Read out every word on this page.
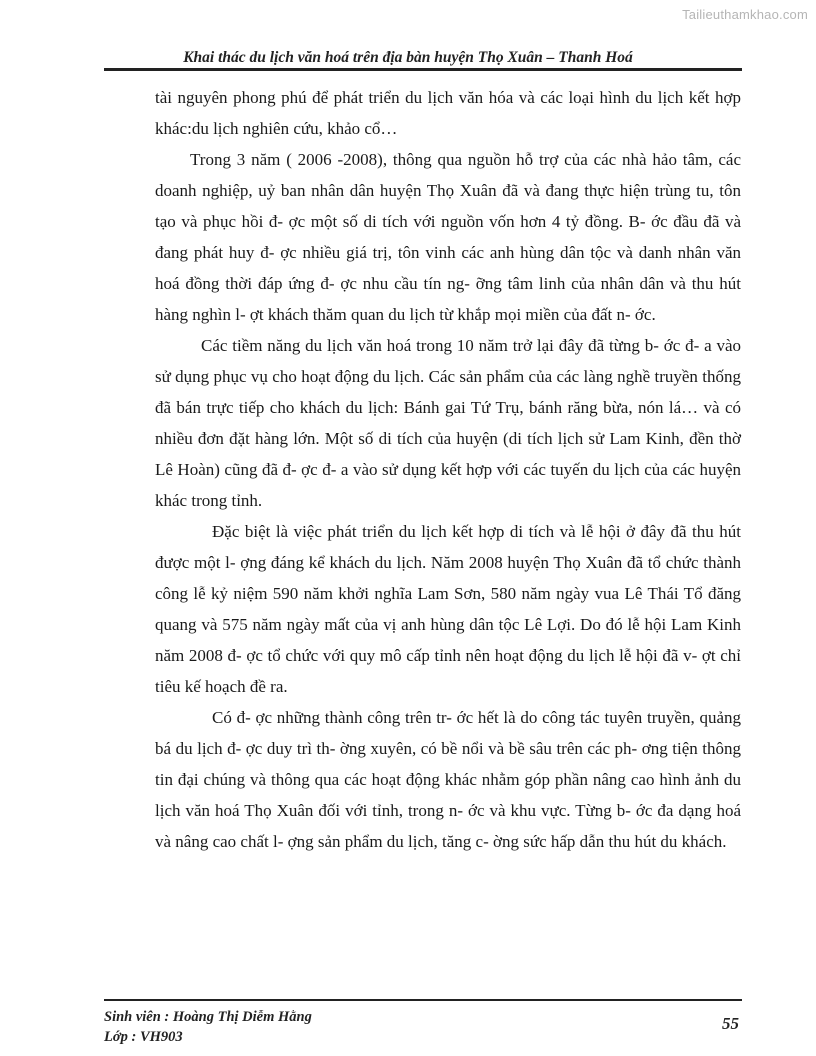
Tailieuthamkhao.com
Khai thác du lịch văn hoá trên địa bàn huyện Thọ Xuân – Thanh Hoá

tài nguyên phong phú để phát triển du lịch văn hóa và các loại hình du lịch kết hợp khác:du lịch nghiên cứu, khảo cổ…

Trong 3 năm ( 2006 -2008), thông qua nguồn hỗ trợ của các nhà hảo tâm, các doanh nghiệp, uỷ ban nhân dân huyện Thọ Xuân đã và đang thực hiện trùng tu, tôn tạo và phục hồi đ- ợc một số di tích với nguồn vốn hơn 4 tỷ đồng. B- ớc đầu đã và đang phát huy đ- ợc nhiều giá trị, tôn vinh các anh hùng dân tộc và danh nhân văn hoá đồng thời đáp ứng đ- ợc nhu cầu tín ng- ỡng tâm linh của nhân dân và thu hút hàng nghìn l- ợt khách thăm quan du lịch từ khắp mọi miền của đất n- ớc.

Các tiềm năng du lịch văn hoá trong 10 năm trở lại đây đã từng b- ớc đ- a vào sử dụng phục vụ cho hoạt động du lịch. Các sản phẩm của các làng nghề truyền thống đã bán trực tiếp cho khách du lịch: Bánh gai Tứ Trụ, bánh răng bừa, nón lá… và có nhiều đơn đặt hàng lớn. Một số di tích của huyện (di tích lịch sử Lam Kinh, đền thờ Lê Hoàn) cũng đã đ- ợc đ- a vào sử dụng kết hợp với các tuyến du lịch của các huyện khác trong tỉnh.

Đặc biệt là việc phát triển du lịch kết hợp di tích và lễ hội ở đây đã thu hút được một l- ợng đáng kể khách du lịch. Năm 2008 huyện Thọ Xuân đã tổ chức thành công lễ kỷ niệm 590 năm khởi nghĩa Lam Sơn, 580 năm ngày vua Lê Thái Tổ đăng quang và 575 năm ngày mất của vị anh hùng dân tộc Lê Lợi. Do đó lễ hội Lam Kinh năm 2008 đ- ợc tổ chức với quy mô cấp tỉnh nên hoạt động du lịch lễ hội đã v- ợt chỉ tiêu kế hoạch đề ra.

Có đ- ợc những thành công trên tr- ớc hết là do công tác tuyên truyền, quảng bá du lịch đ- ợc duy trì th- ờng xuyên, có bề nổi và bề sâu trên các ph- ơng tiện thông tin đại chúng và thông qua các hoạt động khác nhằm góp phần nâng cao hình ảnh du lịch văn hoá Thọ Xuân đối với tỉnh, trong n- ớc và khu vực. Từng b- ớc đa dạng hoá và nâng cao chất l- ợng sản phẩm du lịch, tăng c- ờng sức hấp dẫn thu hút du khách.

Sinh viên : Hoàng Thị Diễm Hằng
Lớp : VH903
55
